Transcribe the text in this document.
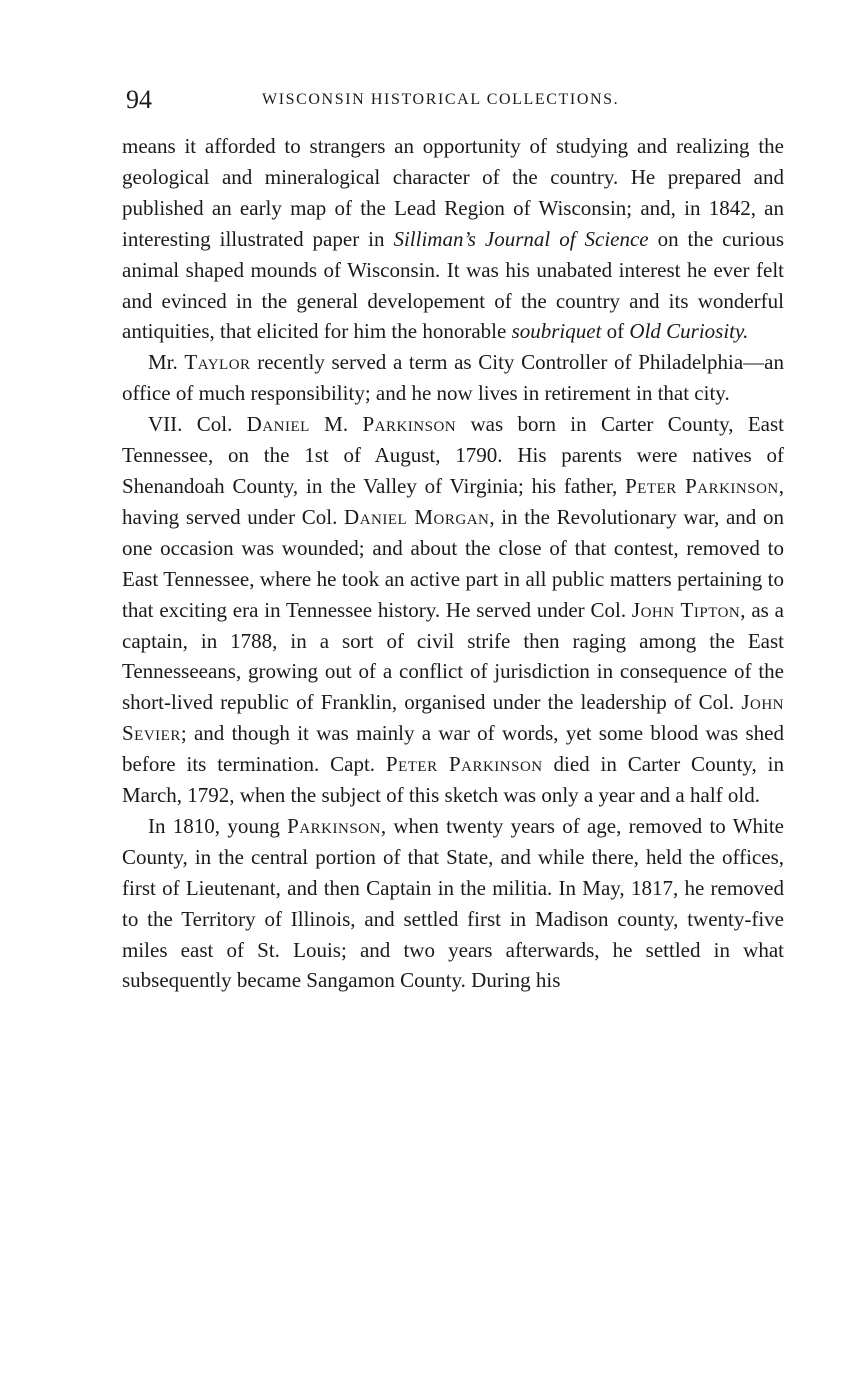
94	WISCONSIN HISTORICAL COLLECTIONS.

means it afforded to strangers an opportunity of studying and realizing the geological and mineralogical character of the country. He prepared and published an early map of the Lead Region of Wisconsin; and, in 1842, an interesting illustrated paper in Silliman’s Journal of Science on the curious animal shaped mounds of Wisconsin. It was his unabated interest he ever felt and evinced in the general developement of the country and its wonderful antiquities, that elicited for him the honorable soubriquet of Old Curiosity.

Mr. Taylor recently served a term as City Controller of Philadelphia—an office of much responsibility; and he now lives in retirement in that city.

VII. Col. Daniel M. Parkinson was born in Carter County, East Tennessee, on the 1st of August, 1790. His parents were natives of Shenandoah County, in the Valley of Virginia; his father, Peter Parkinson, having served under Col. Daniel Morgan, in the Revolutionary war, and on one occasion was wounded; and about the close of that contest, removed to East Tennessee, where he took an active part in all public matters pertaining to that exciting era in Tennessee history. He served under Col. John Tipton, as a captain, in 1788, in a sort of civil strife then raging among the East Tennesseeans, growing out of a conflict of jurisdiction in consequence of the short-lived republic of Franklin, organised under the leadership of Col. John Sevier; and though it was mainly a war of words, yet some blood was shed before its termination. Capt. Peter Parkinson died in Carter County, in March, 1792, when the subject of this sketch was only a year and a half old.

In 1810, young Parkinson, when twenty years of age, removed to White County, in the central portion of that State, and while there, held the offices, first of Lieutenant, and then Captain in the militia. In May, 1817, he removed to the Territory of Illinois, and settled first in Madison county, twenty-five miles east of St. Louis; and two years afterwards, he settled in what subsequently became Sangamon County. During his
